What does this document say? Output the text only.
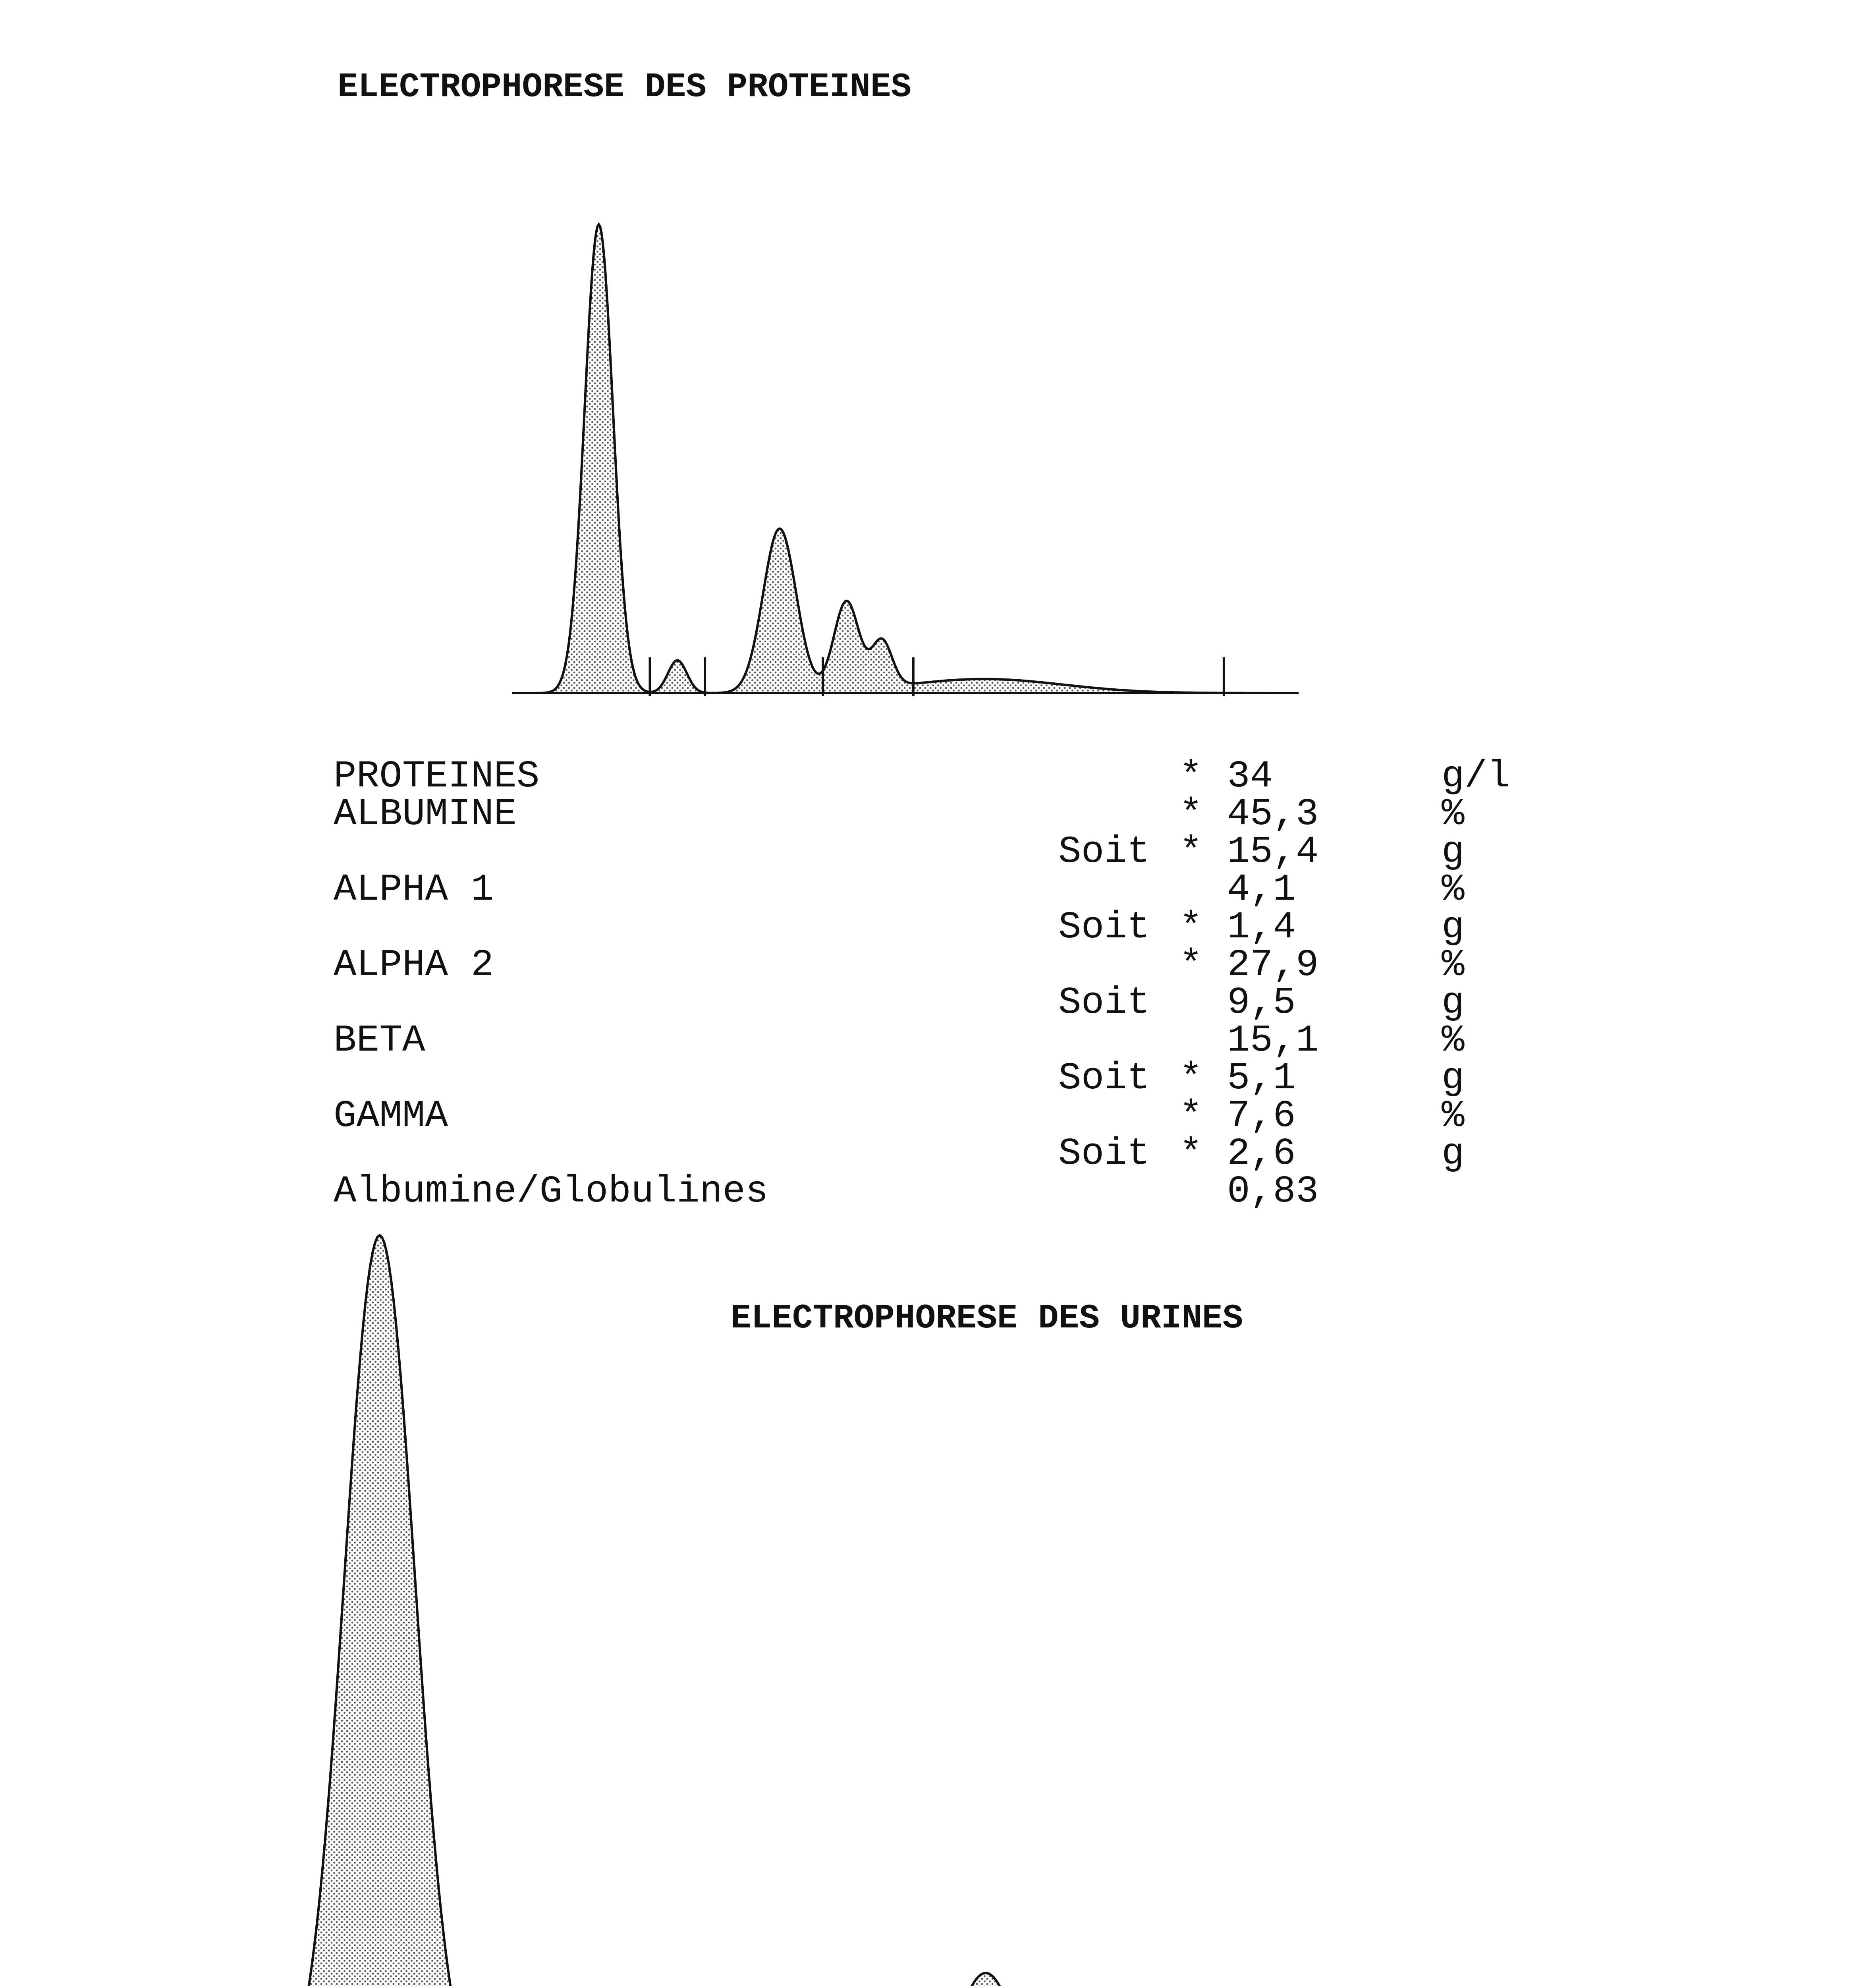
ELECTROPHORESE DES PROTEINES
PROTEINES	* 34	g/l
ALBUMINE	* 45,3	%
Soit * 15,4	g
ALPHA 1	4,1	%
Soit * 1,4	g
ALPHA 2	* 27,9	%
Soit 9,5	g
BETA	15,1	%
Soit * 5,1	g
GAMMA	* 7,6	%
Soit * 2,6	g
Albumine/Globulines	0,83
ELECTROPHORESE DES URINES
